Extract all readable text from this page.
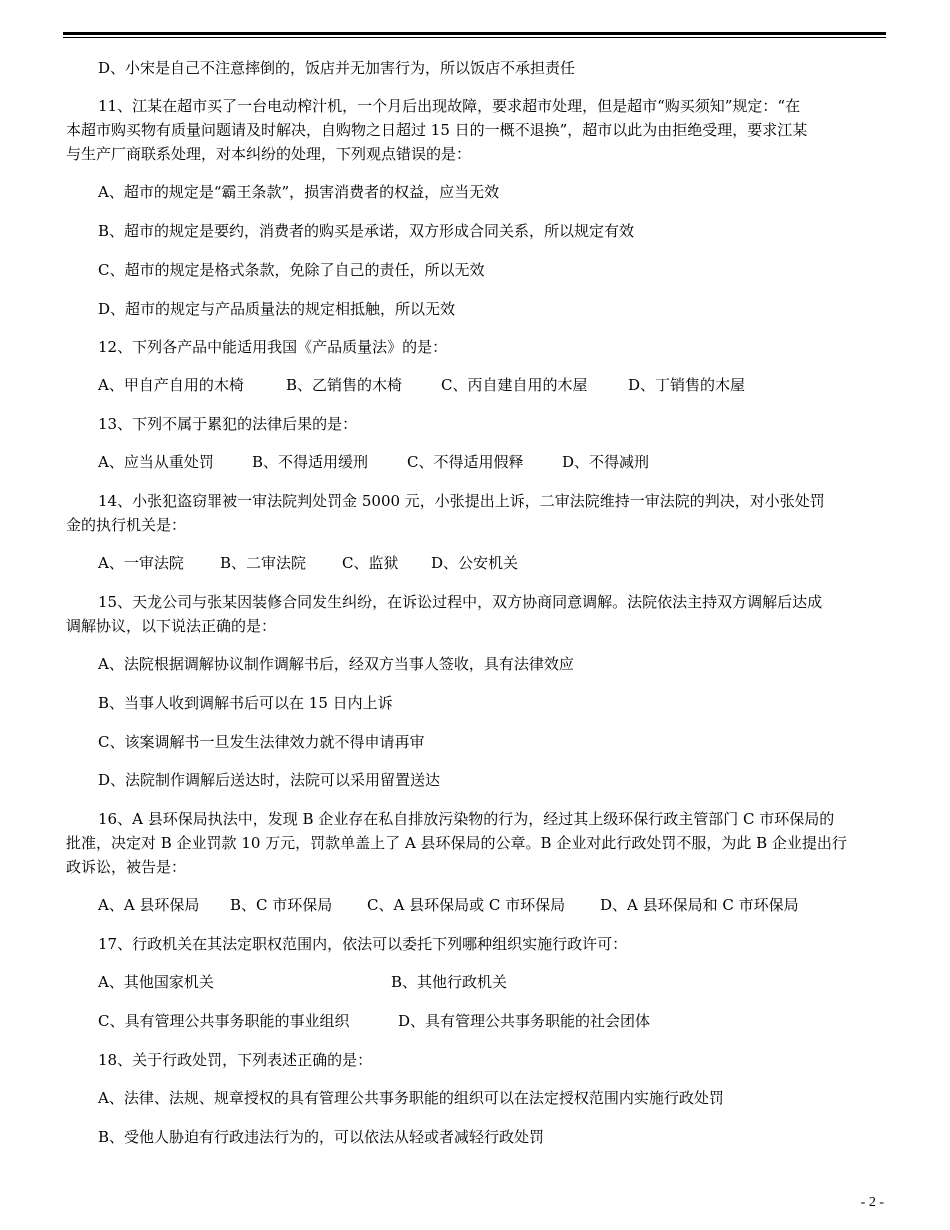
D、小宋是自己不注意摔倒的，饭店并无加害行为，所以饭店不承担责任
11、江某在超市买了一台电动榨汁机，一个月后出现故障，要求超市处理，但是超市“购买须知”规定：“在
本超市购买物有质量问题请及时解决，自购物之日超过 15 日的一概不退换”，超市以此为由拒绝受理，要求江某
与生产厂商联系处理，对本纠纷的处理，下列观点错误的是：
A、超市的规定是“霸王条款”，损害消费者的权益，应当无效
B、超市的规定是要约，消费者的购买是承诺，双方形成合同关系，所以规定有效
C、超市的规定是格式条款，免除了自己的责任，所以无效
D、超市的规定与产品质量法的规定相抵触，所以无效
12、下列各产品中能适用我国《产品质量法》的是：
A、甲自产自用的木椅	B、乙销售的木椅	C、丙自建自用的木屋	D、丁销售的木屋
13、下列不属于累犯的法律后果的是：
A、应当从重处罚	B、不得适用缓刑	C、不得适用假释	D、不得减刑
14、小张犯盗窃罪被一审法院判处罚金 5000 元，小张提出上诉，二审法院维持一审法院的判决，对小张处罚
金的执行机关是：
A、一审法院	B、二审法院	C、监狱	D、公安机关
15、天龙公司与张某因装修合同发生纠纷，在诉讼过程中，双方协商同意调解。法院依法主持双方调解后达成
调解协议，以下说法正确的是：
A、法院根据调解协议制作调解书后，经双方当事人签收，具有法律效应
B、当事人收到调解书后可以在 15 日内上诉
C、该案调解书一旦发生法律效力就不得申请再审
D、法院制作调解后送达时，法院可以采用留置送达
16、A 县环保局执法中，发现 B 企业存在私自排放污染物的行为，经过其上级环保行政主管部门 C 市环保局的
批准，决定对 B 企业罚款 10 万元，罚款单盖上了 A 县环保局的公章。B 企业对此行政处罚不服，为此 B 企业提出行
政诉讼，被告是：
A、A 县环保局	B、C 市环保局	C、A 县环保局或 C 市环保局	D、A 县环保局和 C 市环保局
17、行政机关在其法定职权范围内，依法可以委托下列哪种组织实施行政许可：
A、其他国家机关	B、其他行政机关
C、具有管理公共事务职能的事业组织	D、具有管理公共事务职能的社会团体
18、关于行政处罚，下列表述正确的是：
A、法律、法规、规章授权的具有管理公共事务职能的组织可以在法定授权范围内实施行政处罚
B、受他人胁迫有行政违法行为的，可以依法从轻或者减轻行政处罚
- 2 -
